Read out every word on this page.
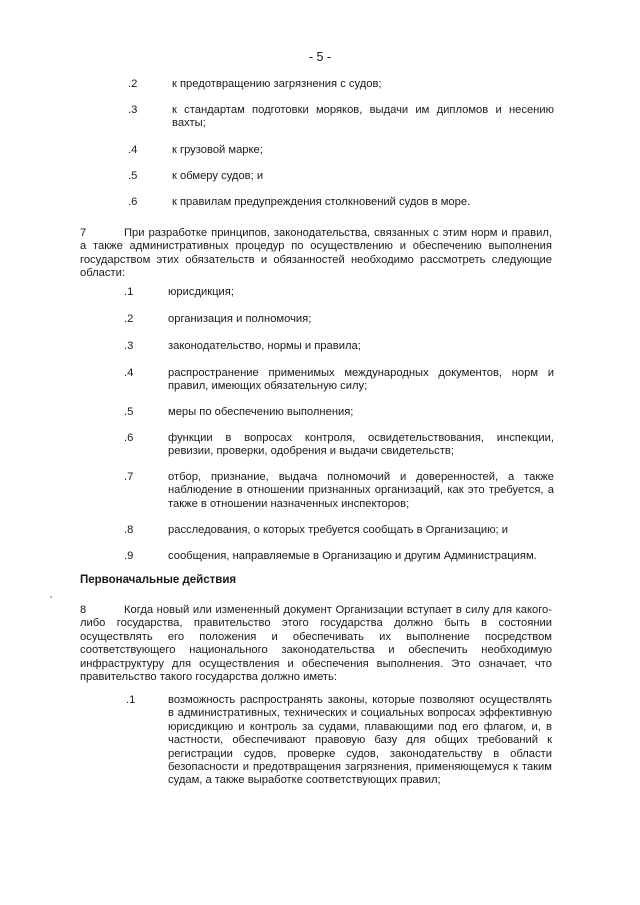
- 5 -
.2	к предотвращению загрязнения с судов;
.3	к стандартам подготовки моряков, выдачи им дипломов и несению вахты;
.4	к грузовой марке;
.5	к обмеру судов; и
.6	к правилам предупреждения столкновений судов в море.
7	При разработке принципов, законодательства, связанных с этим норм и правил, а также административных процедур по осуществлению и обеспечению выполнения государством этих обязательств и обязанностей необходимо рассмотреть следующие области:
.1	юрисдикция;
.2	организация и полномочия;
.3	законодательство, нормы и правила;
.4	распространение применимых международных документов, норм и правил, имеющих обязательную силу;
.5	меры по обеспечению выполнения;
.6	функции в вопросах контроля, освидетельствования, инспекции, ревизии, проверки, одобрения и выдачи свидетельств;
.7	отбор, признание, выдача полномочий и доверенностей, а также наблюдение в отношении признанных организаций, как это требуется, а также в отношении назначенных инспекторов;
.8	расследования, о которых требуется сообщать в Организацию; и
.9	сообщения, направляемые в Организацию и другим Администрациям.
Первоначальные действия
8	Когда новый или измененный документ Организации вступает в силу для какого-либо государства, правительство этого государства должно быть в состоянии осуществлять его положения и обеспечивать их выполнение посредством соответствующего национального законодательства и обеспечить необходимую инфраструктуру для осуществления и обеспечения выполнения. Это означает, что правительство такого государства должно иметь:
.1	возможность распространять законы, которые позволяют осуществлять в административных, технических и социальных вопросах эффективную юрисдикцию и контроль за судами, плавающими под его флагом, и, в частности, обеспечивают правовую базу для общих требований к регистрации судов, проверке судов, законодательству в области безопасности и предотвращения загрязнения, применяющемуся к таким судам, а также выработке соответствующих правил;
